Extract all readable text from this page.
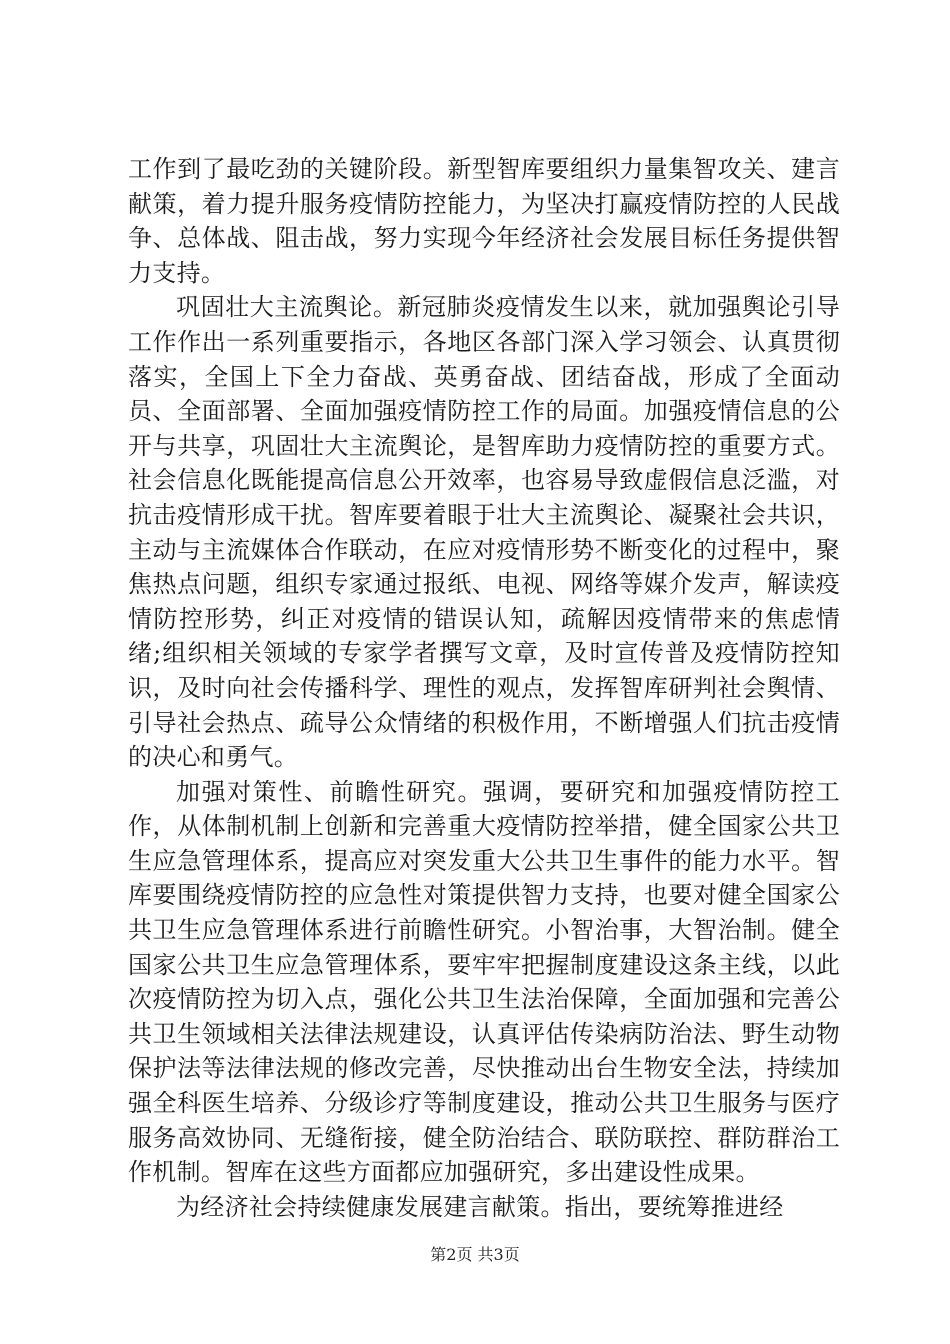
工作到了最吃劲的关键阶段。新型智库要组织力量集智攻关、建言献策，着力提升服务疫情防控能力，为坚决打赢疫情防控的人民战争、总体战、阻击战，努力实现今年经济社会发展目标任务提供智力支持。

巩固壮大主流舆论。新冠肺炎疫情发生以来，就加强舆论引导工作作出一系列重要指示，各地区各部门深入学习领会、认真贯彻落实，全国上下全力奋战、英勇奋战、团结奋战，形成了全面动员、全面部署、全面加强疫情防控工作的局面。加强疫情信息的公开与共享，巩固壮大主流舆论，是智库助力疫情防控的重要方式。社会信息化既能提高信息公开效率，也容易导致虚假信息泛滥，对抗击疫情形成干扰。智库要着眼于壮大主流舆论、凝聚社会共识，主动与主流媒体合作联动，在应对疫情形势不断变化的过程中，聚焦热点问题，组织专家通过报纸、电视、网络等媒介发声，解读疫情防控形势，纠正对疫情的错误认知，疏解因疫情带来的焦虑情绪;组织相关领域的专家学者撰写文章，及时宣传普及疫情防控知识，及时向社会传播科学、理性的观点，发挥智库研判社会舆情、引导社会热点、疏导公众情绪的积极作用，不断增强人们抗击疫情的决心和勇气。

加强对策性、前瞻性研究。强调，要研究和加强疫情防控工作，从体制机制上创新和完善重大疫情防控举措，健全国家公共卫生应急管理体系，提高应对突发重大公共卫生事件的能力水平。智库要围绕疫情防控的应急性对策提供智力支持，也要对健全国家公共卫生应急管理体系进行前瞻性研究。小智治事，大智治制。健全国家公共卫生应急管理体系，要牢牢把握制度建设这条主线，以此次疫情防控为切入点，强化公共卫生法治保障，全面加强和完善公共卫生领域相关法律法规建设，认真评估传染病防治法、野生动物保护法等法律法规的修改完善，尽快推动出台生物安全法，持续加强全科医生培养、分级诊疗等制度建设，推动公共卫生服务与医疗服务高效协同、无缝衔接，健全防治结合、联防联控、群防群治工作机制。智库在这些方面都应加强研究，多出建设性成果。

为经济社会持续健康发展建言献策。指出，要统筹推进经

第2页 共3页
